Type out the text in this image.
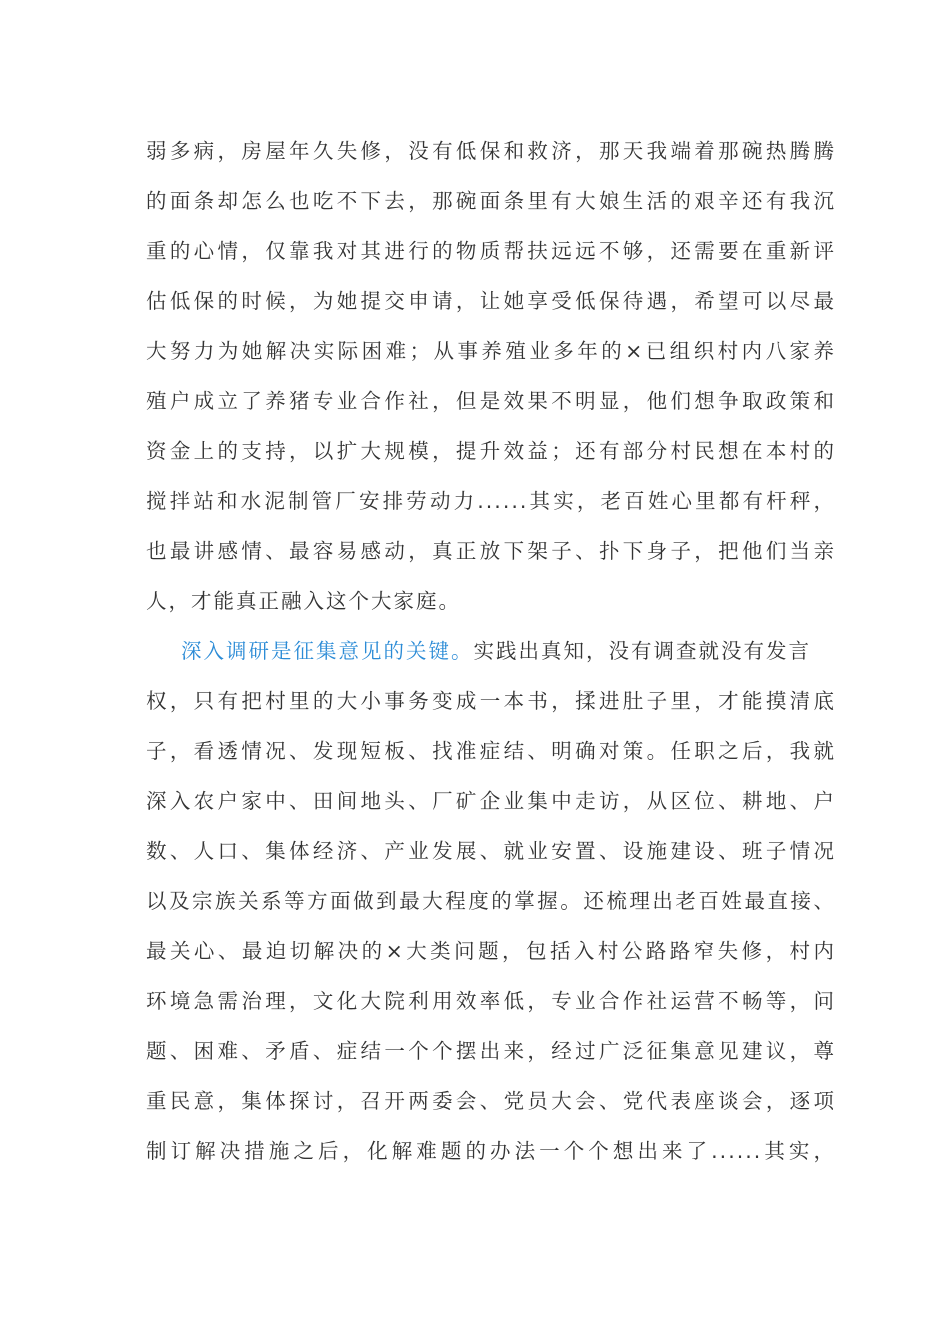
弱多病，房屋年久失修，没有低保和救济，那天我端着那碗热腾腾
的面条却怎么也吃不下去，那碗面条里有大娘生活的艰辛还有我沉
重的心情，仅靠我对其进行的物质帮扶远远不够，还需要在重新评
估低保的时候，为她提交申请，让她享受低保待遇，希望可以尽最
大努力为她解决实际困难；从事养殖业多年的×已组织村内八家养
殖户成立了养猪专业合作社，但是效果不明显，他们想争取政策和
资金上的支持，以扩大规模，提升效益；还有部分村民想在本村的
搅拌站和水泥制管厂安排劳动力......其实，老百姓心里都有杆秤，
也最讲感情、最容易感动，真正放下架子、扑下身子，把他们当亲
人，才能真正融入这个大家庭。
深入调研是征集意见的关键。实践出真知，没有调查就没有发言
权，只有把村里的大小事务变成一本书，揉进肚子里，才能摸清底
子，看透情况、发现短板、找准症结、明确对策。任职之后，我就
深入农户家中、田间地头、厂矿企业集中走访，从区位、耕地、户
数、人口、集体经济、产业发展、就业安置、设施建设、班子情况
以及宗族关系等方面做到最大程度的掌握。还梳理出老百姓最直接、
最关心、最迫切解决的×大类问题，包括入村公路路窄失修，村内
环境急需治理，文化大院利用效率低，专业合作社运营不畅等，问
题、困难、矛盾、症结一个个摆出来，经过广泛征集意见建议，尊
重民意，集体探讨，召开两委会、党员大会、党代表座谈会，逐项
制订解决措施之后，化解难题的办法一个个想出来了......其实，
